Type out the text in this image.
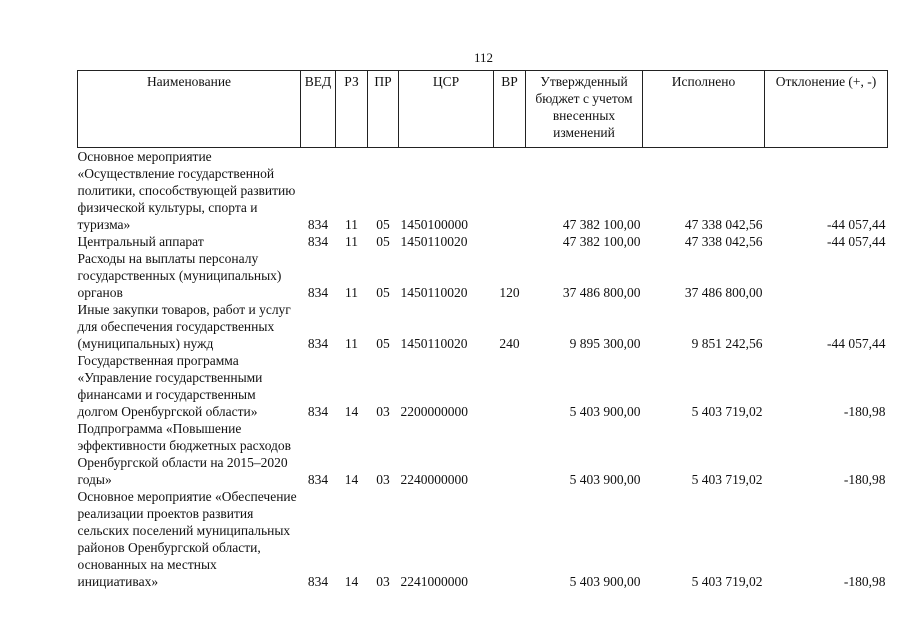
112
Наименование	ВЕД	РЗ	ПР	ЦСР	ВР	Утвержденный бюджет с учетом внесенных изменений	Исполнено	Отклонение (+, -)
Основное мероприятие «Осуществление государственной политики, способствующей развитию физической культуры, спорта и туризма»	834	11	05	1450100000		47 382 100,00	47 338 042,56	-44 057,44
Центральный аппарат	834	11	05	1450110020		47 382 100,00	47 338 042,56	-44 057,44
Расходы на выплаты персоналу государственных (муниципальных) органов	834	11	05	1450110020	120	37 486 800,00	37 486 800,00	
Иные закупки товаров, работ и услуг для обеспечения государственных (муниципальных) нужд	834	11	05	1450110020	240	9 895 300,00	9 851 242,56	-44 057,44
Государственная программа «Управление государственными финансами и государственным долгом Оренбургской области»	834	14	03	2200000000		5 403 900,00	5 403 719,02	-180,98
Подпрограмма «Повышение эффективности бюджетных расходов Оренбургской области на 2015–2020 годы»	834	14	03	2240000000		5 403 900,00	5 403 719,02	-180,98
Основное мероприятие «Обеспечение реализации проектов развития сельских поселений муниципальных районов Оренбургской области, основанных на местных инициативах»	834	14	03	2241000000		5 403 900,00	5 403 719,02	-180,98
